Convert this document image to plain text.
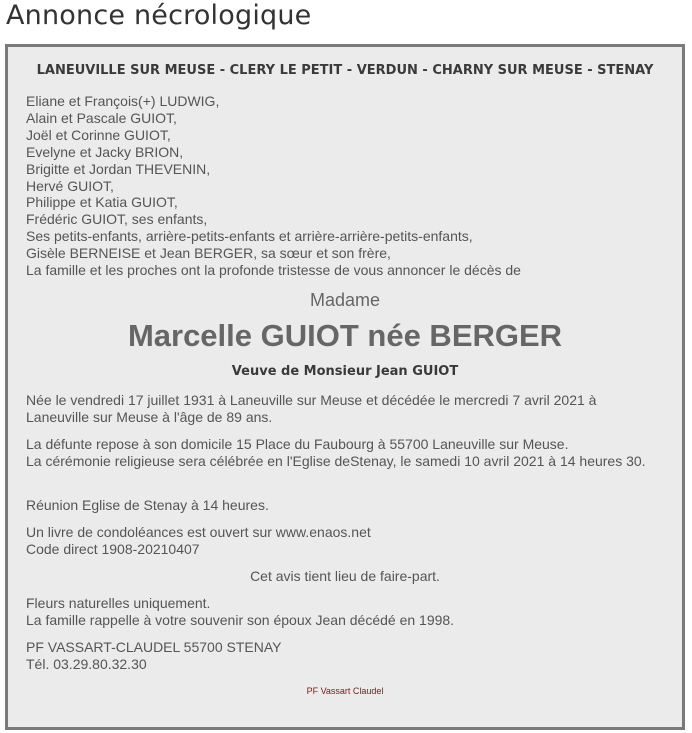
Annonce nécrologique
LANEUVILLE SUR MEUSE - CLERY LE PETIT - VERDUN - CHARNY SUR MEUSE - STENAY
Eliane et François(+) LUDWIG,
Alain et Pascale GUIOT,
Joël et Corinne GUIOT,
Evelyne et Jacky BRION,
Brigitte et Jordan THEVENIN,
Hervé GUIOT,
Philippe et Katia GUIOT,
Frédéric GUIOT, ses enfants,
Ses petits-enfants, arrière-petits-enfants et arrière-arrière-petits-enfants,
Gisèle BERNEISE et Jean BERGER, sa sœur et son frère,
La famille et les proches ont la profonde tristesse de vous annoncer le décès de
Madame
Marcelle GUIOT née BERGER
Veuve de Monsieur Jean GUIOT
Née le vendredi 17 juillet 1931 à Laneuville sur Meuse et décédée le mercredi 7 avril 2021 à Laneuville sur Meuse à l'âge de 89 ans.
La défunte repose à son domicile 15 Place du Faubourg à 55700 Laneuville sur Meuse.
La cérémonie religieuse sera célébrée en l'Eglise deStenay, le samedi 10 avril 2021 à 14 heures 30.
Réunion Eglise de Stenay à 14 heures.
Un livre de condoléances est ouvert sur www.enaos.net
Code direct 1908-20210407
Cet avis tient lieu de faire-part.
Fleurs naturelles uniquement.
La famille rappelle à votre souvenir son époux Jean décédé en 1998.
PF VASSART-CLAUDEL 55700 STENAY
Tél. 03.29.80.32.30
PF Vassart Claudel
